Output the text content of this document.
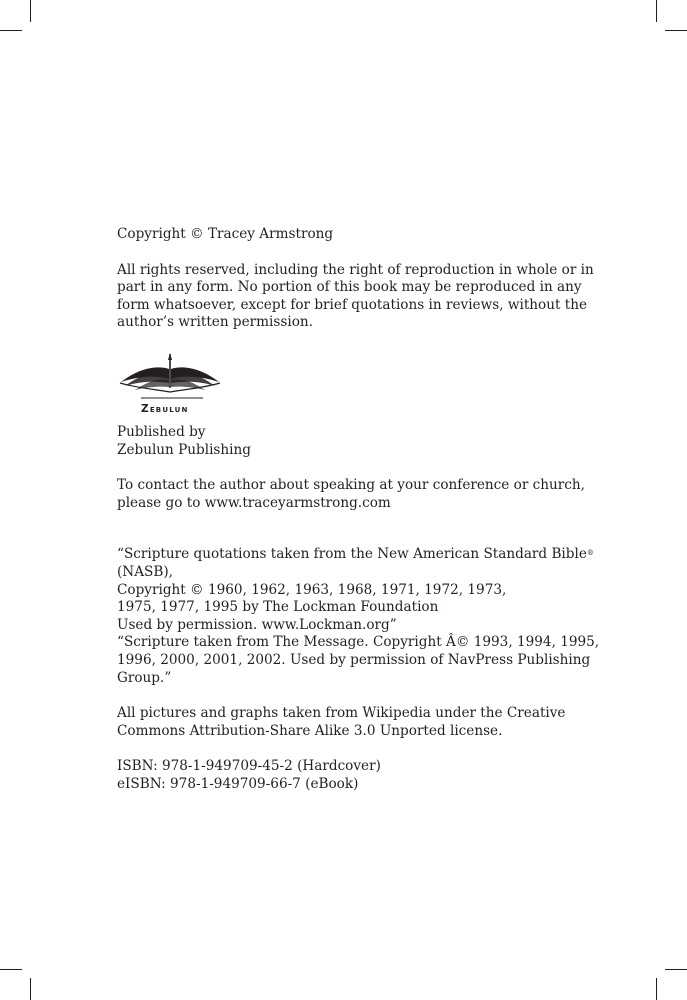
Copyright © Tracey Armstrong

All rights reserved, including the right of reproduction in whole or in
part in any form. No portion of this book may be reproduced in any
form whatsoever, except for brief quotations in reviews, without the
author’s written permission.

Zebulun

Published by
Zebulun Publishing

To contact the author about speaking at your conference or church,
please go to www.traceyarmstrong.com

“Scripture quotations taken from the New American Standard Bible®
(NASB),
Copyright © 1960, 1962, 1963, 1968, 1971, 1972, 1973,
1975, 1977, 1995 by The Lockman Foundation
Used by permission. www.Lockman.org”
“Scripture taken from The Message. Copyright Â© 1993, 1994, 1995,
1996, 2000, 2001, 2002. Used by permission of NavPress Publishing
Group.”

All pictures and graphs taken from Wikipedia under the Creative
Commons Attribution-Share Alike 3.0 Unported license.

ISBN: 978-1-949709-45-2 (Hardcover)
eISBN: 978-1-949709-66-7 (eBook)
